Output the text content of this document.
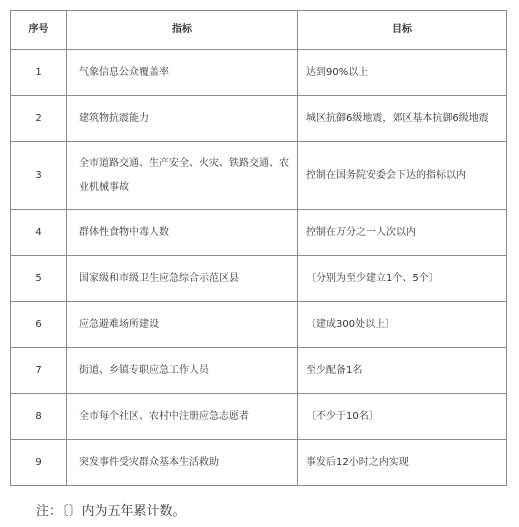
序号	指标	目标
1	气象信息公众覆盖率	达到90%以上
2	建筑物抗震能力	城区抗御6级地震，郊区基本抗御6级地震
3	全市道路交通、生产安全、火灾、铁路交通、农业机械事故	控制在国务院安委会下达的指标以内
4	群体性食物中毒人数	控制在万分之一人次以内
5	国家级和市级卫生应急综合示范区县	〔分别为至少建立1个、5个〕
6	应急避难场所建设	〔建成300处以上〕
7	街道、乡镇专职应急工作人员	至少配备1名
8	全市每个社区、农村中注册应急志愿者	〔不少于10名〕
9	突发事件受灾群众基本生活救助	事发后12小时之内实现
注：〔〕内为五年累计数。
